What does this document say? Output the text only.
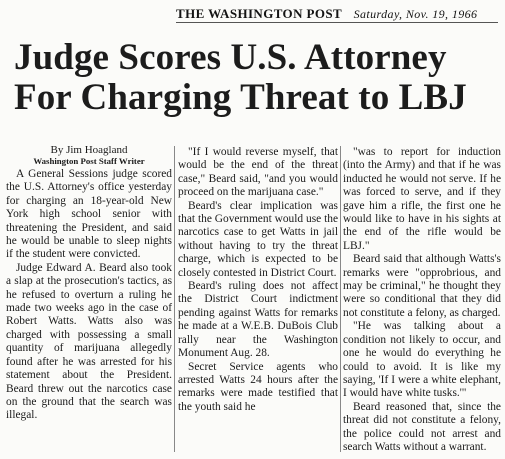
THE WASHINGTON POST Saturday, Nov. 19, 1966
Judge Scores U.S. Attorney
For Charging Threat to LBJ
By Jim Hoagland
Washington Post Staff Writer

A General Sessions judge scored the U.S. Attorney's office yesterday for charging an 18-year-old New York high school senior with threatening the President, and said he would be unable to sleep nights if the student were convicted.

Judge Edward A. Beard also took a slap at the prosecution's tactics, as he refused to overturn a ruling he made two weeks ago in the case of Robert Watts. Watts also was charged with possessing a small quantity of marijuana allegedly found after he was arrested for his statement about the President. Beard threw out the narcotics case on the ground that the search was illegal.

"If I would reverse myself, that would be the end of the threat case," Beard said, "and you would proceed on the marijuana case."

Beard's clear implication was that the Government would use the narcotics case to get Watts in jail without having to try the threat charge, which is expected to be closely contested in District Court.

Beard's ruling does not affect the District Court indictment pending against Watts for remarks he made at a W.E.B. DuBois Club rally near the Washington Monument Aug. 28.

Secret Service agents who arrested Watts 24 hours after the remarks were made testified that the youth said he

"was to report for induction (into the Army) and that if he was inducted he would not serve. If he was forced to serve, and if they gave him a rifle, the first one he would like to have in his sights at the end of the rifle would be LBJ."

Beard said that although Watts's remarks were "opprobrious, and may be criminal," he thought they were so conditional that they did not constitute a felony, as charged.

"He was talking about a condition not likely to occur, and one he would do everything he could to avoid. It is like my saying, 'If I were a white elephant, I would have white tusks.'"

Beard reasoned that, since the threat did not constitute a felony, the police could not arrest and search Watts without a warrant.
